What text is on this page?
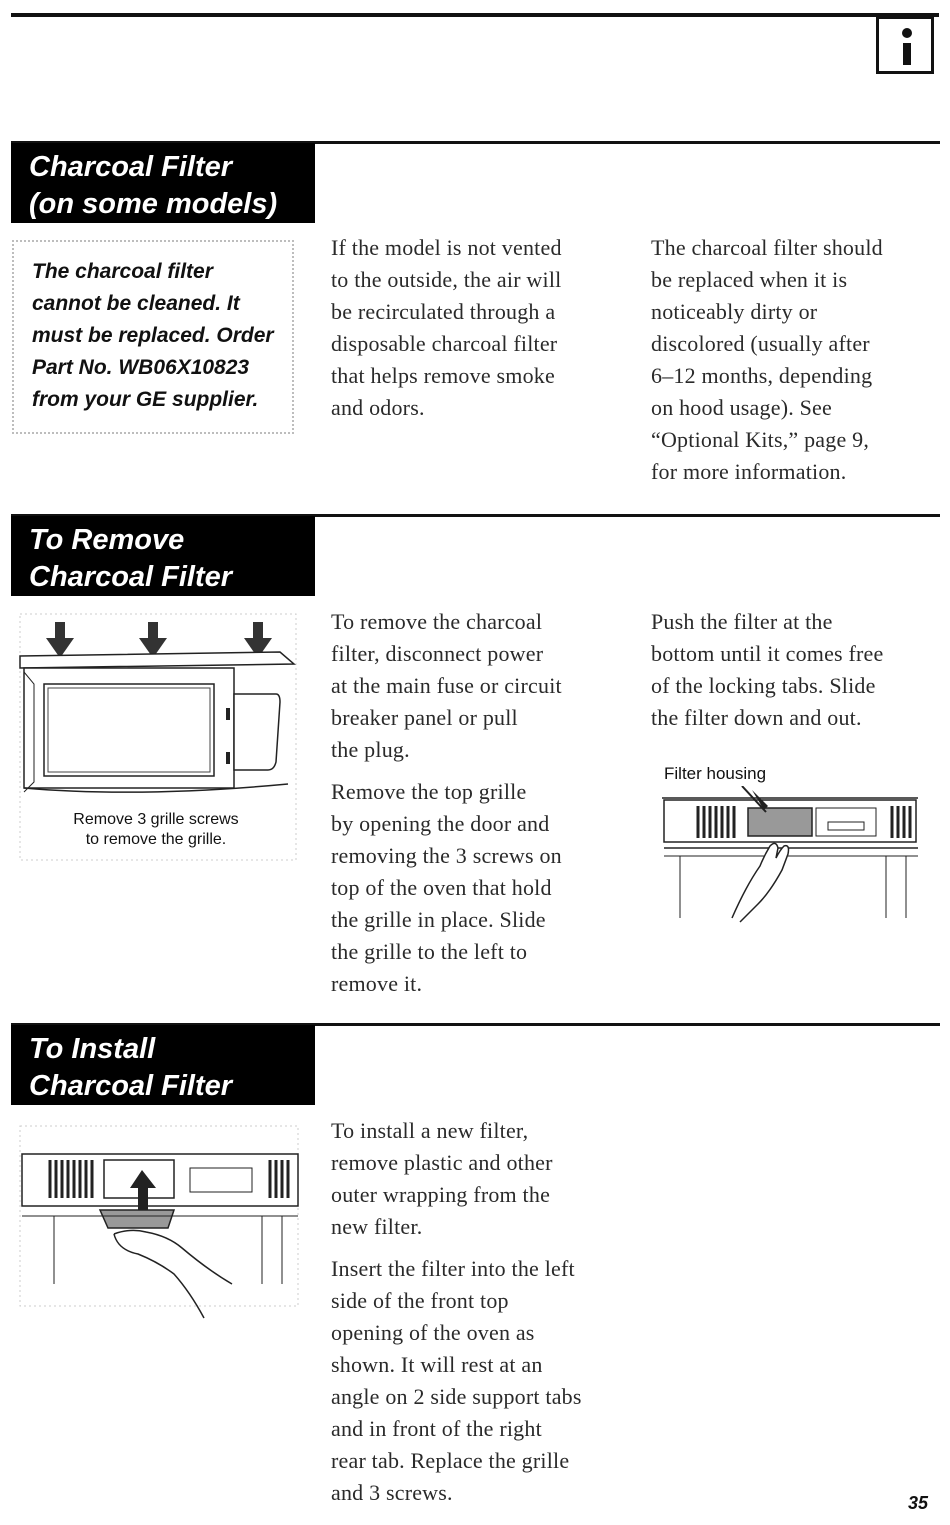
Charcoal Filter
(on some models)
The charcoal filter
cannot be cleaned. It
must be replaced. Order
Part No. WB06X10823
from your GE supplier.
If the model is not vented
to the outside, the air will
be recirculated through a
disposable charcoal filter
that helps remove smoke
and odors.
The charcoal filter should
be replaced when it is
noticeably dirty or
discolored (usually after
6–12 months, depending
on hood usage). See
“Optional Kits,” page 9,
for more information.
To Remove
Charcoal Filter
Remove 3 grille screws
to remove the grille.
To remove the charcoal
filter, disconnect power
at the main fuse or circuit
breaker panel or pull
the plug.
Remove the top grille
by opening the door and
removing the 3 screws on
top of the oven that hold
the grille in place. Slide
the grille to the left to
remove it.
Push the filter at the
bottom until it comes free
of the locking tabs. Slide
the filter down and out.
Filter housing
To Install
Charcoal Filter
To install a new filter,
remove plastic and other
outer wrapping from the
new filter.
Insert the filter into the left
side of the front top
opening of the oven as
shown. It will rest at an
angle on 2 side support tabs
and in front of the right
rear tab. Replace the grille
and 3 screws.	35
